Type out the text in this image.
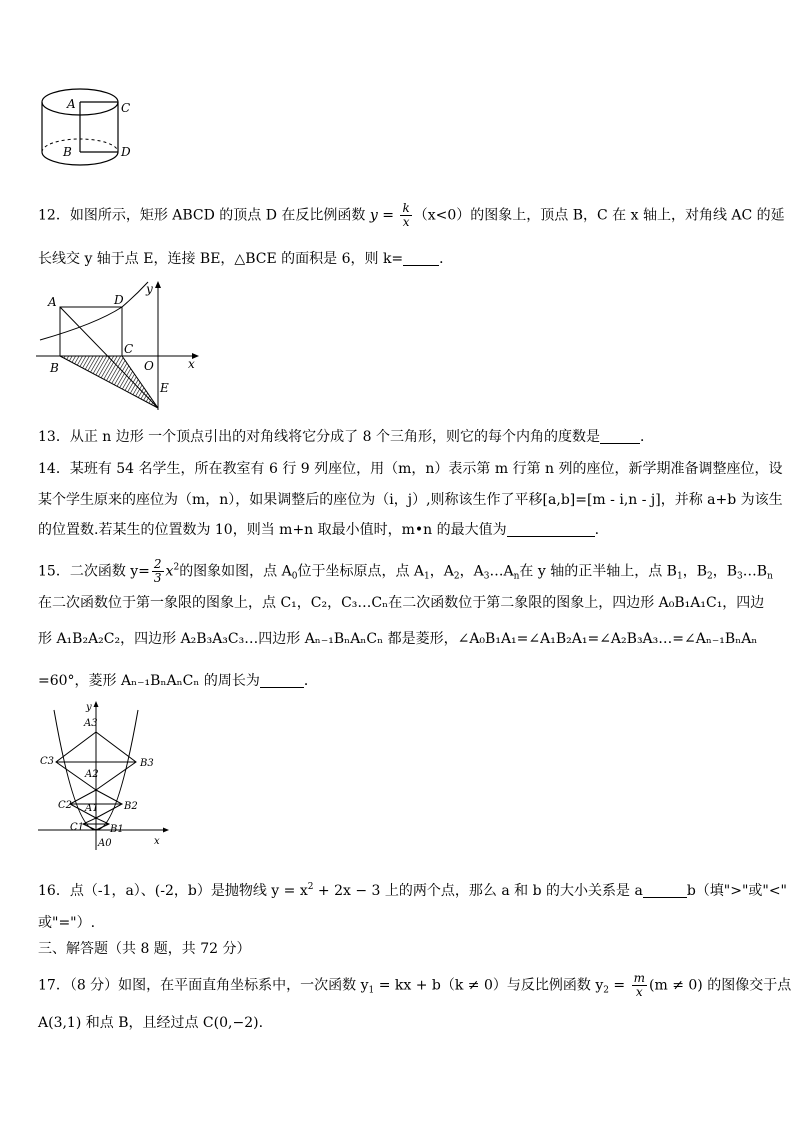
A	C
B	D
12．如图所示，矩形 ABCD 的顶点 D 在反比例函数 $y = \frac{k}{x} (x<0)$的图象上，顶点 B，C 在 x 轴上，对角线 AC 的延
长线交 y 轴于点 E，连接 BE，△BCE 的面积是 6，则 k=	．
A	D
y
C
x
B	O
E
13．从正 n 边形 一个顶点引出的对角线将它分成了 8 个三角形，则它的每个内角的度数是	．
14．某班有 54 名学生，所在教室有 6 行 9 列座位，用（m，n）表示第 m 行第 n 列的座位，新学期准备调整座位，设
某个学生原来的座位为（m，n），如果调整后的座位为（i，j）,则称该生作了平移[a,b]=[m - i,n - j]，并称 a+b 为该生
的位置数.若某生的位置数为 10，则当 m+n 取最小值时，m•n 的最大值为	.
15．二次函数 $y= \frac{2}{3} x^2$的图象如图，点 $A_0$位于坐标原点，点 $A_1$，$A_2$，$A_3\dots A_n$在 y 轴的正半轴上，点 $B_1$，$B_2$，$B_3\dots B_n$
在二次函数位于第一象限的图象上，点 C₁，C₂，C₃…Cₙ在二次函数位于第二象限的图象上，四边形 A₀B₁A₁C₁，四边
形 A₁B₂A₂C₂，四边形 A₂B₃A₃C₃…四边形 Aₙ₋₁BₙAₙCₙ 都是菱形，∠A₀B₁A₁=∠A₁B₂A₁=∠A₂B₃A₃…=∠Aₙ₋₁BₙAₙ
=60°，菱形 Aₙ₋₁BₙAₙCₙ 的周长为	．
y
A3
C3	B3
A2
C2	B2
A1
C1	B1
A0	x
16．点（-1，a）、(-2，b）是抛物线 $y = x^2 + 2x - 3$ 上的两个点，那么 a 和 b 的大小关系是 a	b（填">"或"<"
或"="）.
三、解答题（共 8 题，共 72 分）
17．（8 分）如图，在平面直角坐标系中，一次函数 $y_1$ = kx + b（k ≠ 0）与反比例函数 $y_2 = \frac{m}{x} (m \ne 0)$ 的图像交于点
A(3,1) 和点 B，且经过点 C(0,−2).
